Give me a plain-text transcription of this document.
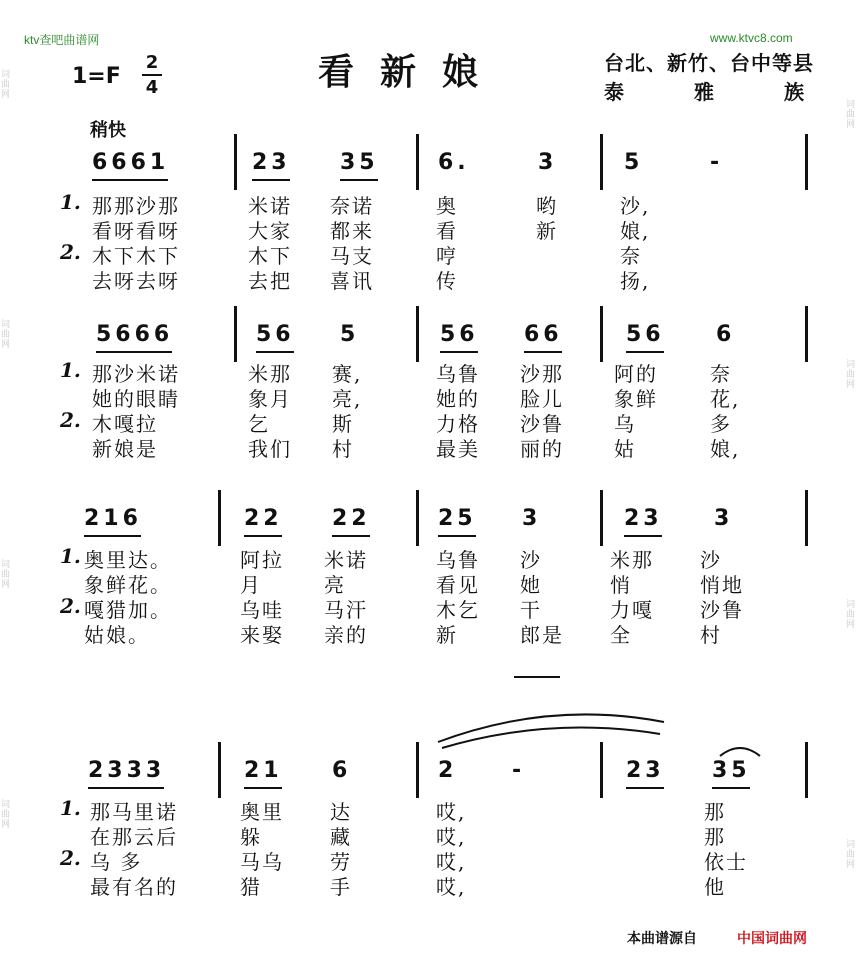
词曲网
词曲网
词曲网
词曲网
词曲网
词曲网
词曲网
词曲网
ktv查吧曲谱网	www.ktvc8.com
1=F
2
4	看新娘	台北、新竹、台中等县
泰 雅 族
稍快
6661	23 35	6.	3	5	-
1. 那那沙那	米诺 奈诺	奥	哟	沙,
看呀看呀	大家 都来	看	新	娘,
2. 木下木下	木下 马支	哼	奈
去呀去呀	去把 喜讯	传	扬,
5666	56 5	56 66	56 6
1. 那沙米诺	米那 赛,	乌鲁 沙那	阿的	奈
她的眼睛	象月 亮,	她的 脸儿	象鲜	花,
2. 木嘎拉	乞	斯	力格 沙鲁	乌	多
新娘是	我们 村	最美 丽的	姑	娘,
216	22 22	25 3	23 3
1. 奥里达。	阿拉 米诺	乌鲁 沙	米那 沙
象鲜花。	月	亮	看见 她	悄	悄地
2. 嘎猎加。	乌哇 马汗	木乞 干	力嘎 沙鲁
姑娘。	来娶 亲的	新	郎是 全	村
2333	21 6	2 -	23 35
1. 那马里诺	奥里 达	哎,	那
在那云后	躲	藏	哎,	那
2. 乌 多	马乌 劳	哎,	依士
最有名的	猎	手	哎,	他
本曲谱源自	中国词曲网
